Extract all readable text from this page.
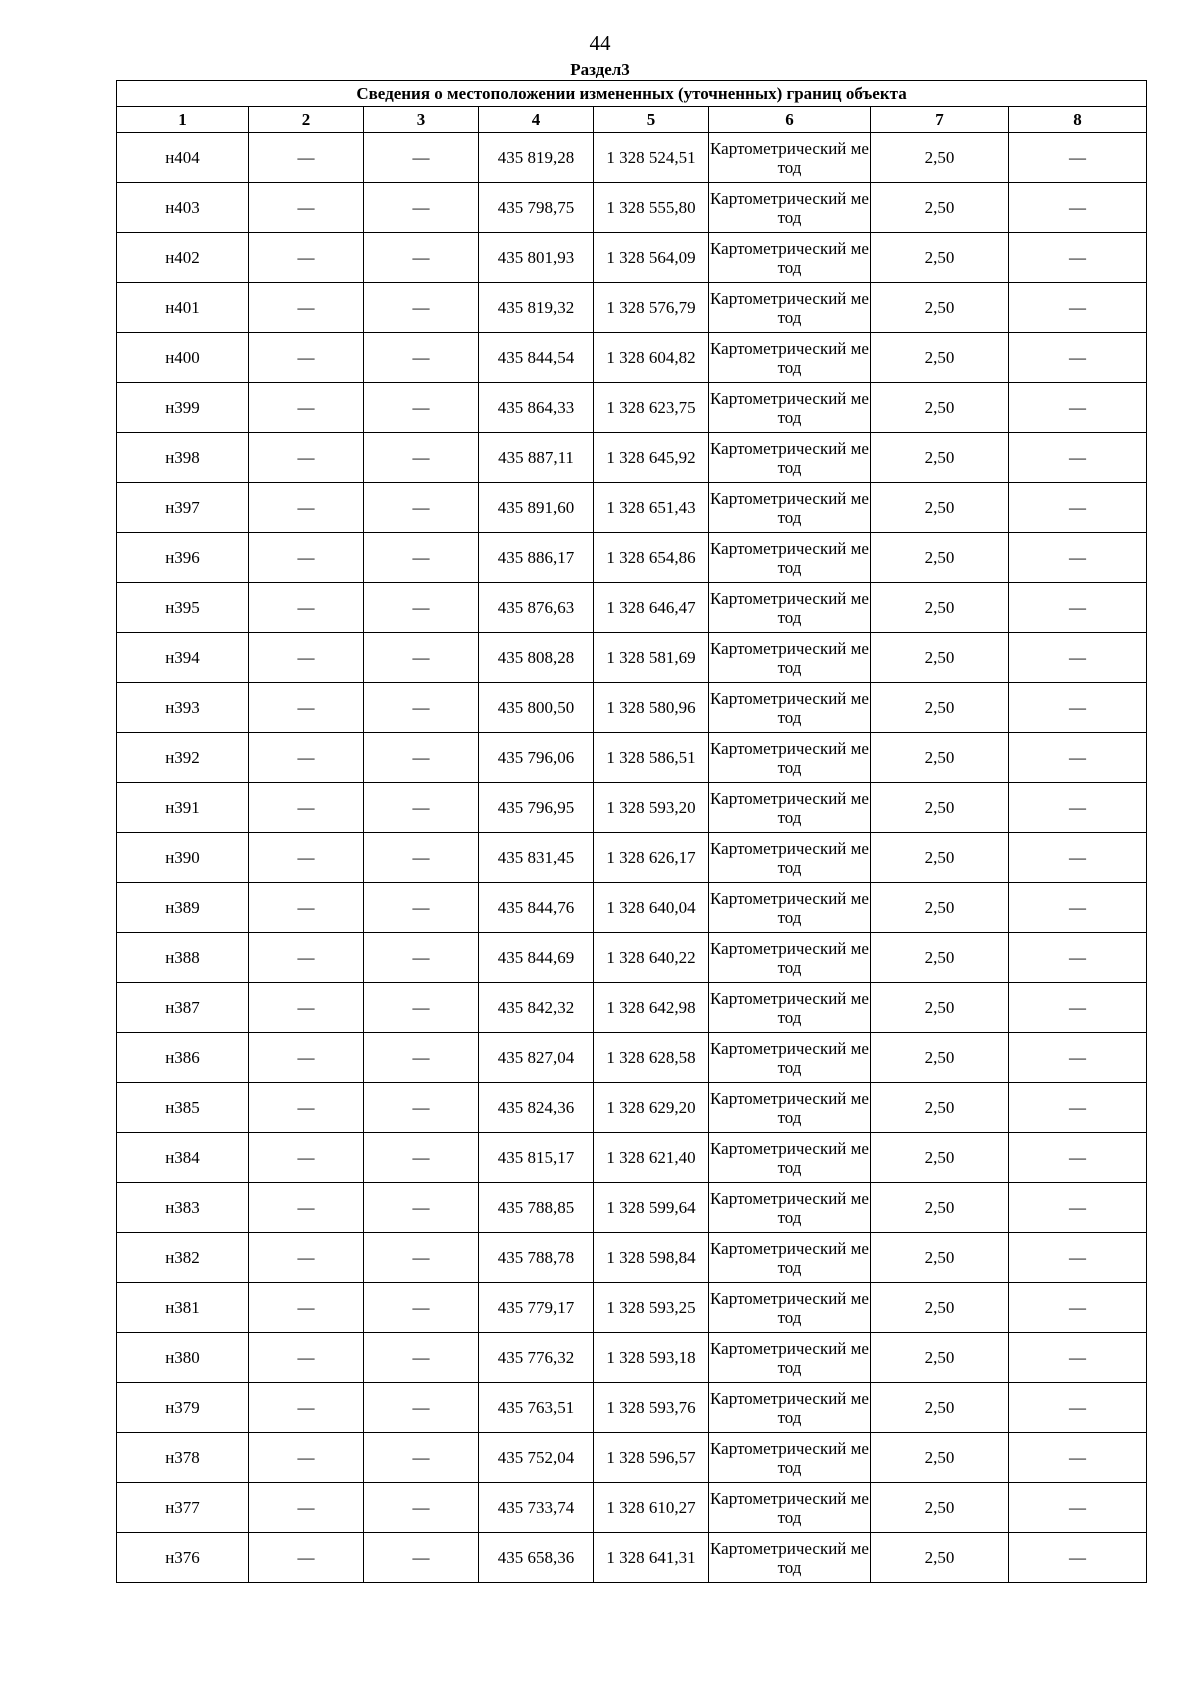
44
Раздел3
Сведения о местоположении измененных (уточненных) границ объекта							
1	2	3	4	5	6	7	8
н404	—	—	435 819,28	1 328 524,51	Картометрический метод	2,50	—
н403	—	—	435 798,75	1 328 555,80	Картометрический метод	2,50	—
н402	—	—	435 801,93	1 328 564,09	Картометрический метод	2,50	—
н401	—	—	435 819,32	1 328 576,79	Картометрический метод	2,50	—
н400	—	—	435 844,54	1 328 604,82	Картометрический метод	2,50	—
н399	—	—	435 864,33	1 328 623,75	Картометрический метод	2,50	—
н398	—	—	435 887,11	1 328 645,92	Картометрический метод	2,50	—
н397	—	—	435 891,60	1 328 651,43	Картометрический метод	2,50	—
н396	—	—	435 886,17	1 328 654,86	Картометрический метод	2,50	—
н395	—	—	435 876,63	1 328 646,47	Картометрический метод	2,50	—
н394	—	—	435 808,28	1 328 581,69	Картометрический метод	2,50	—
н393	—	—	435 800,50	1 328 580,96	Картометрический метод	2,50	—
н392	—	—	435 796,06	1 328 586,51	Картометрический метод	2,50	—
н391	—	—	435 796,95	1 328 593,20	Картометрический метод	2,50	—
н390	—	—	435 831,45	1 328 626,17	Картометрический метод	2,50	—
н389	—	—	435 844,76	1 328 640,04	Картометрический метод	2,50	—
н388	—	—	435 844,69	1 328 640,22	Картометрический метод	2,50	—
н387	—	—	435 842,32	1 328 642,98	Картометрический метод	2,50	—
н386	—	—	435 827,04	1 328 628,58	Картометрический метод	2,50	—
н385	—	—	435 824,36	1 328 629,20	Картометрический метод	2,50	—
н384	—	—	435 815,17	1 328 621,40	Картометрический метод	2,50	—
н383	—	—	435 788,85	1 328 599,64	Картометрический метод	2,50	—
н382	—	—	435 788,78	1 328 598,84	Картометрический метод	2,50	—
н381	—	—	435 779,17	1 328 593,25	Картометрический метод	2,50	—
н380	—	—	435 776,32	1 328 593,18	Картометрический метод	2,50	—
н379	—	—	435 763,51	1 328 593,76	Картометрический метод	2,50	—
н378	—	—	435 752,04	1 328 596,57	Картометрический метод	2,50	—
н377	—	—	435 733,74	1 328 610,27	Картометрический метод	2,50	—
н376	—	—	435 658,36	1 328 641,31	Картометрический метод	2,50	—
